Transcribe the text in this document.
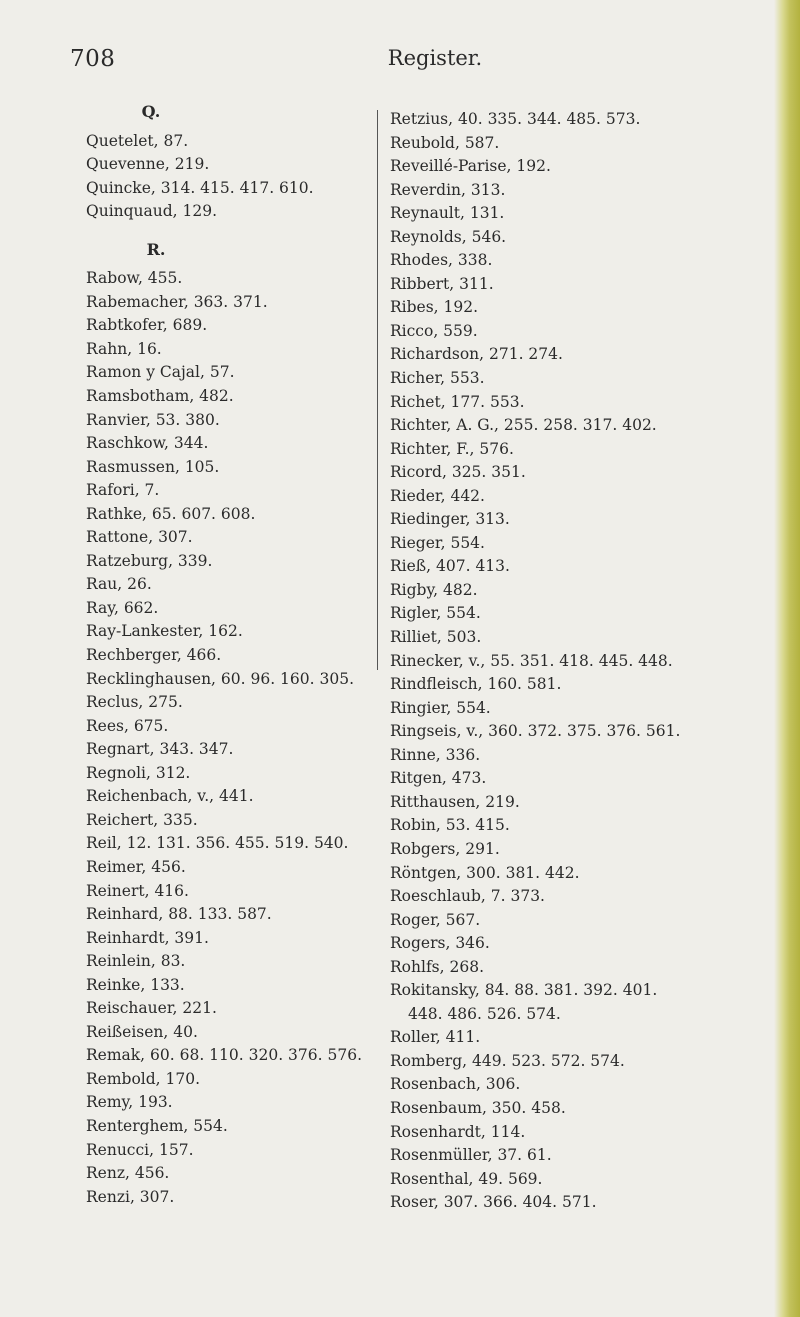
708	Register.
Q.
Quetelet, 87.
Quevenne, 219.
Quincke, 314. 415. 417. 610.
Quinquaud, 129.
R.
Rabow, 455.
Rabemacher, 363. 371.
Rabtkofer, 689.
Rahn, 16.
Ramon y Cajal, 57.
Ramsbotham, 482.
Ranvier, 53. 380.
Raschkow, 344.
Rasmussen, 105.
Rafori, 7.
Rathke, 65. 607. 608.
Rattone, 307.
Ratzeburg, 339.
Rau, 26.
Ray, 662.
Ray-Lankester, 162.
Rechberger, 466.
Recklinghausen, 60. 96. 160. 305.
Reclus, 275.
Rees, 675.
Regnart, 343. 347.
Regnoli, 312.
Reichenbach, v., 441.
Reichert, 335.
Reil, 12. 131. 356. 455. 519. 540.
Reimer, 456.
Reinert, 416.
Reinhard, 88. 133. 587.
Reinhardt, 391.
Reinlein, 83.
Reinke, 133.
Reischauer, 221.
Reißeisen, 40.
Remak, 60. 68. 110. 320. 376. 576.
Rembold, 170.
Remy, 193.
Renterghem, 554.
Renucci, 157.
Renz, 456.
Renzi, 307.
Retzius, 40. 335. 344. 485. 573.
Reubold, 587.
Reveillé-Parise, 192.
Reverdin, 313.
Reynault, 131.
Reynolds, 546.
Rhodes, 338.
Ribbert, 311.
Ribes, 192.
Ricco, 559.
Richardson, 271. 274.
Richer, 553.
Richet, 177. 553.
Richter, A. G., 255. 258. 317. 402.
Richter, F., 576.
Ricord, 325. 351.
Rieder, 442.
Riedinger, 313.
Rieger, 554.
Rieß, 407. 413.
Rigby, 482.
Rigler, 554.
Rilliet, 503.
Rinecker, v., 55. 351. 418. 445. 448.
Rindfleisch, 160. 581.
Ringier, 554.
Ringseis, v., 360. 372. 375. 376. 561.
Rinne, 336.
Ritgen, 473.
Ritthausen, 219.
Robin, 53. 415.
Robgers, 291.
Röntgen, 300. 381. 442.
Roeschlaub, 7. 373.
Roger, 567.
Rogers, 346.
Rohlfs, 268.
Rokitansky, 84. 88. 381. 392. 401.
448. 486. 526. 574.
Roller, 411.
Romberg, 449. 523. 572. 574.
Rosenbach, 306.
Rosenbaum, 350. 458.
Rosenhardt, 114.
Rosenmüller, 37. 61.
Rosenthal, 49. 569.
Roser, 307. 366. 404. 571.
